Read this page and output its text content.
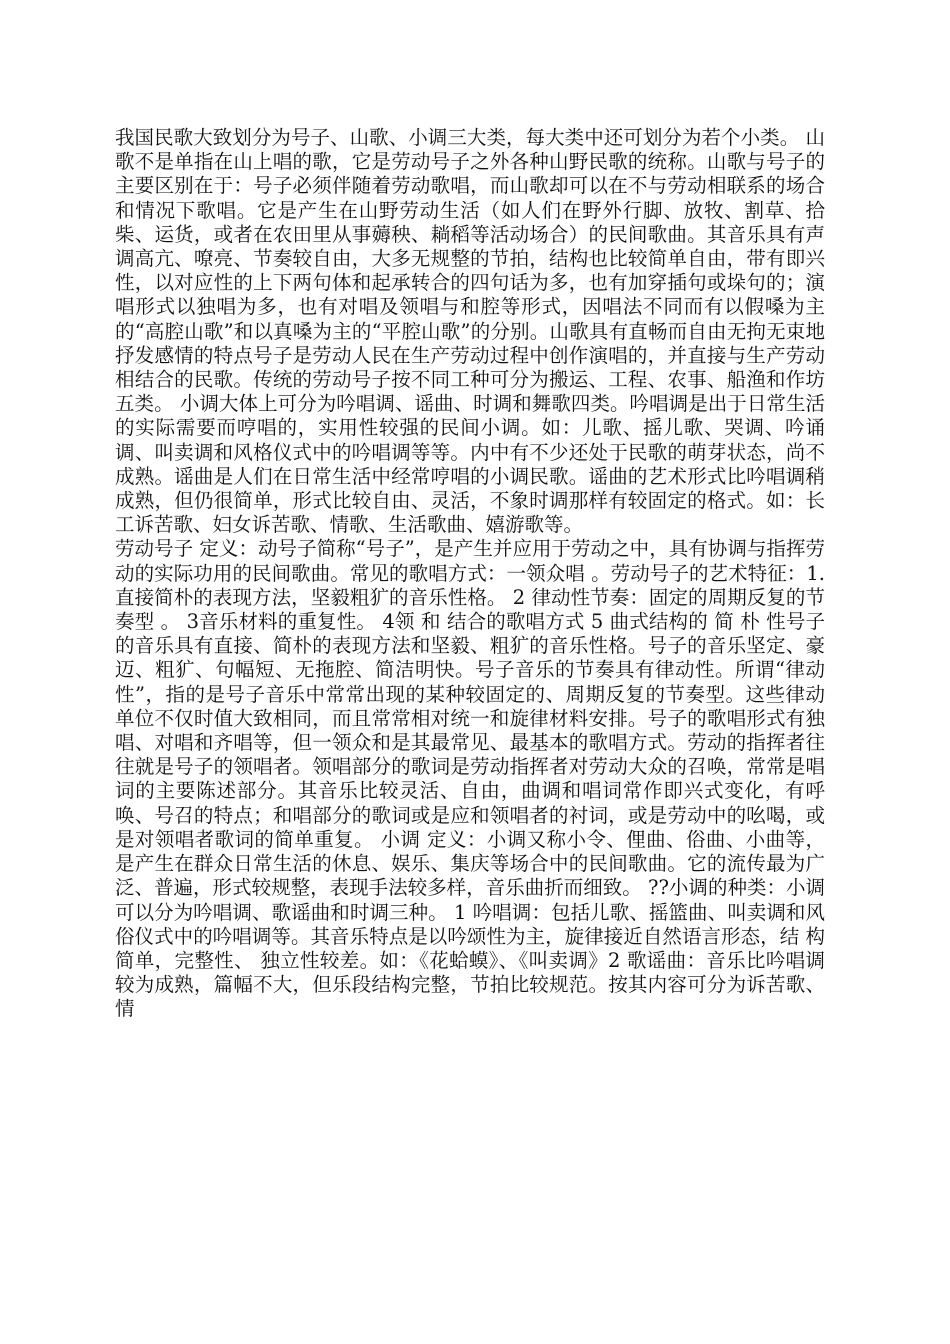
我国民歌大致划分为号子、山歌、小调三大类，每大类中还可划分为若个小类。 山歌不是单指在山上唱的歌，它是劳动号子之外各种山野民歌的统称。山歌与号子的主要区别在于：号子必须伴随着劳动歌唱，而山歌却可以在不与劳动相联系的场合和情况下歌唱。它是产生在山野劳动生活（如人们在野外行脚、放牧、割草、拾柴、运货，或者在农田里从事薅秧、耥稻等活动场合）的民间歌曲。其音乐具有声调高亢、嘹亮、节奏较自由，大多无规整的节拍，结构也比较简单自由，带有即兴性，以对应性的上下两句体和起承转合的四句话为多，也有加穿插句或垛句的；演唱形式以独唱为多，也有对唱及领唱与和腔等形式，因唱法不同而有以假嗓为主的“高腔山歌”和以真嗓为主的“平腔山歌”的分别。山歌具有直畅而自由无拘无束地抒发感情的特点号子是劳动人民在生产劳动过程中创作演唱的，并直接与生产劳动相结合的民歌。传统的劳动号子按不同工种可分为搬运、工程、农事、船渔和作坊五类。 小调大体上可分为吟唱调、谣曲、时调和舞歌四类。吟唱调是出于日常生活的实际需要而哼唱的，实用性较强的民间小调。如：儿歌、摇儿歌、哭调、吟诵调、叫卖调和风格仪式中的吟唱调等等。内中有不少还处于民歌的萌芽状态，尚不成熟。谣曲是人们在日常生活中经常哼唱的小调民歌。谣曲的艺术形式比吟唱调稍成熟，但仍很简单，形式比较自由、灵活，不象时调那样有较固定的格式。如：长工诉苦歌、妇女诉苦歌、情歌、生活歌曲、嬉游歌等。

劳动号子 定义：动号子简称“号子”，是产生并应用于劳动之中，具有协调与指挥劳动的实际功用的民间歌曲。常见的歌唱方式：一领众唱 。劳动号子的艺术特征：1. 直接简朴的表现方法，坚毅粗犷的音乐性格。 2 律动性节奏：固定的周期反复的节奏型 。 3音乐材料的重复性。 4领 和 结合的歌唱方式 5 曲式结构的 简 朴 性号子的音乐具有直接、简朴的表现方法和坚毅、粗犷的音乐性格。号子的音乐坚定、豪迈、粗犷、句幅短、无拖腔、简洁明快。号子音乐的节奏具有律动性。所谓“律动性”，指的是号子音乐中常常出现的某种较固定的、周期反复的节奏型。这些律动单位不仅时值大致相同，而且常常相对统一和旋律材料安排。号子的歌唱形式有独唱、对唱和齐唱等，但一领众和是其最常见、最基本的歌唱方式。劳动的指挥者往往就是号子的领唱者。领唱部分的歌词是劳动指挥者对劳动大众的召唤，常常是唱词的主要陈述部分。其音乐比较灵活、自由，曲调和唱词常作即兴式变化，有呼唤、号召的特点；和唱部分的歌词或是应和领唱者的衬词，或是劳动中的吆喝，或是对领唱者歌词的简单重复。 小调 定义：小调又称小令、俚曲、俗曲、小曲等，是产生在群众日常生活的休息、娱乐、集庆等场合中的民间歌曲。它的流传最为广泛、普遍，形式较规整，表现手法较多样，音乐曲折而细致。 ??小调的种类：小调可以分为吟唱调、歌谣曲和时调三种。 1 吟唱调：包括儿歌、摇篮曲、叫卖调和风俗仪式中的吟唱调等。其音乐特点是以吟颂性为主，旋律接近自然语言形态，结 构简单，完整性、 独立性较差。如：《花蛤蟆》、《叫卖调》2 歌谣曲：音乐比吟唱调较为成熟，篇幅不大，但乐段结构完整，节拍比较规范。按其内容可分为诉苦歌、情
